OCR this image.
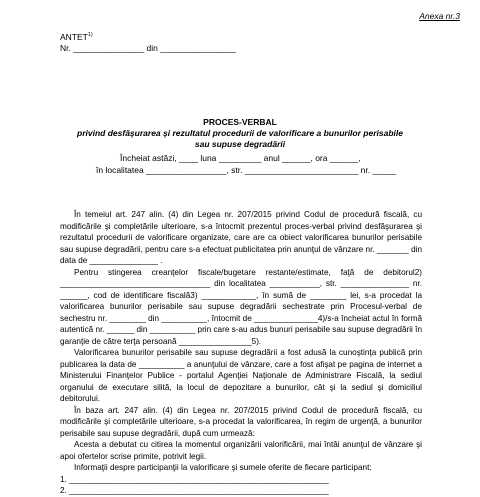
Anexa nr.3
ANTET$^{1)}$
Nr. _______________ din ________________
PROCES-VERBAL
privind desfăşurarea şi rezultatul procedurii de valorificare a bunurilor perisabile
sau supuse degradării
Încheiat astăzi, ____ luna _________ anul ______, ora ______,
în localitatea _________________, str. ________________________ nr. _____

În temeiul art. 247 alin. (4) din Legea nr. 207/2015 privind Codul de procedură fiscală, cu modificările şi completările ulterioare, s-a întocmit prezentul proces-verbal privind desfăşurarea şi rezultatul procedurii de valorificare organizate, care are ca obiect valorificarea bunurilor perisabile sau supuse degradării, pentru care s-a efectuat publicitatea prin anunţul de vânzare nr. _______ din data de _______________ .

Pentru stingerea creanţelor fiscale/bugetare restante/estimate, faţă de debitorul2) _________________________________ din localitatea ___________, str. _______________ nr. ______, cod de identificare fiscală3) ____________, în sumă de ________ lei, s-a procedat la valorificarea bunurilor perisabile sau supuse degradării sechestrate prin Procesul-verbal de sechestru nr. ________ din __________, întocmit de ______________4)/s-a încheiat actul în formă autentică nr. ______ din __________ prin care s-au adus bunuri perisabile sau supuse degradării în garanţie de către terţa persoană ________________5).

Valorificarea bunurilor perisabile sau supuse degradării a fost adusă la cunoştinţa publică prin publicarea la data de __________ a anunţului de vânzare, care a fost afişat pe pagina de internet a Ministerului Finanţelor Publice - portalul Agenţiei Naţionale de Administrare Fiscală, la sediul organului de executare silită, la locul de depozitare a bunurilor, cât şi la sediul şi domiciliul debitorului.

În baza art. 247 alin. (4) din Legea nr. 207/2015 privind Codul de procedură fiscală, cu modificările şi completările ulterioare, s-a procedat la valorificarea, în regim de urgenţă, a bunurilor perisabile sau supuse degradării, după cum urmează:

Acesta a debutat cu citirea la momentul organizării valorificării, mai întâi anunţul de vânzare şi apoi ofertelor scrise primite, potrivit legii.

Informaţii despre participanţii la valorificare şi sumele oferite de fiecare participant:

1. _________________________________________________________
2. _________________________________________________________
